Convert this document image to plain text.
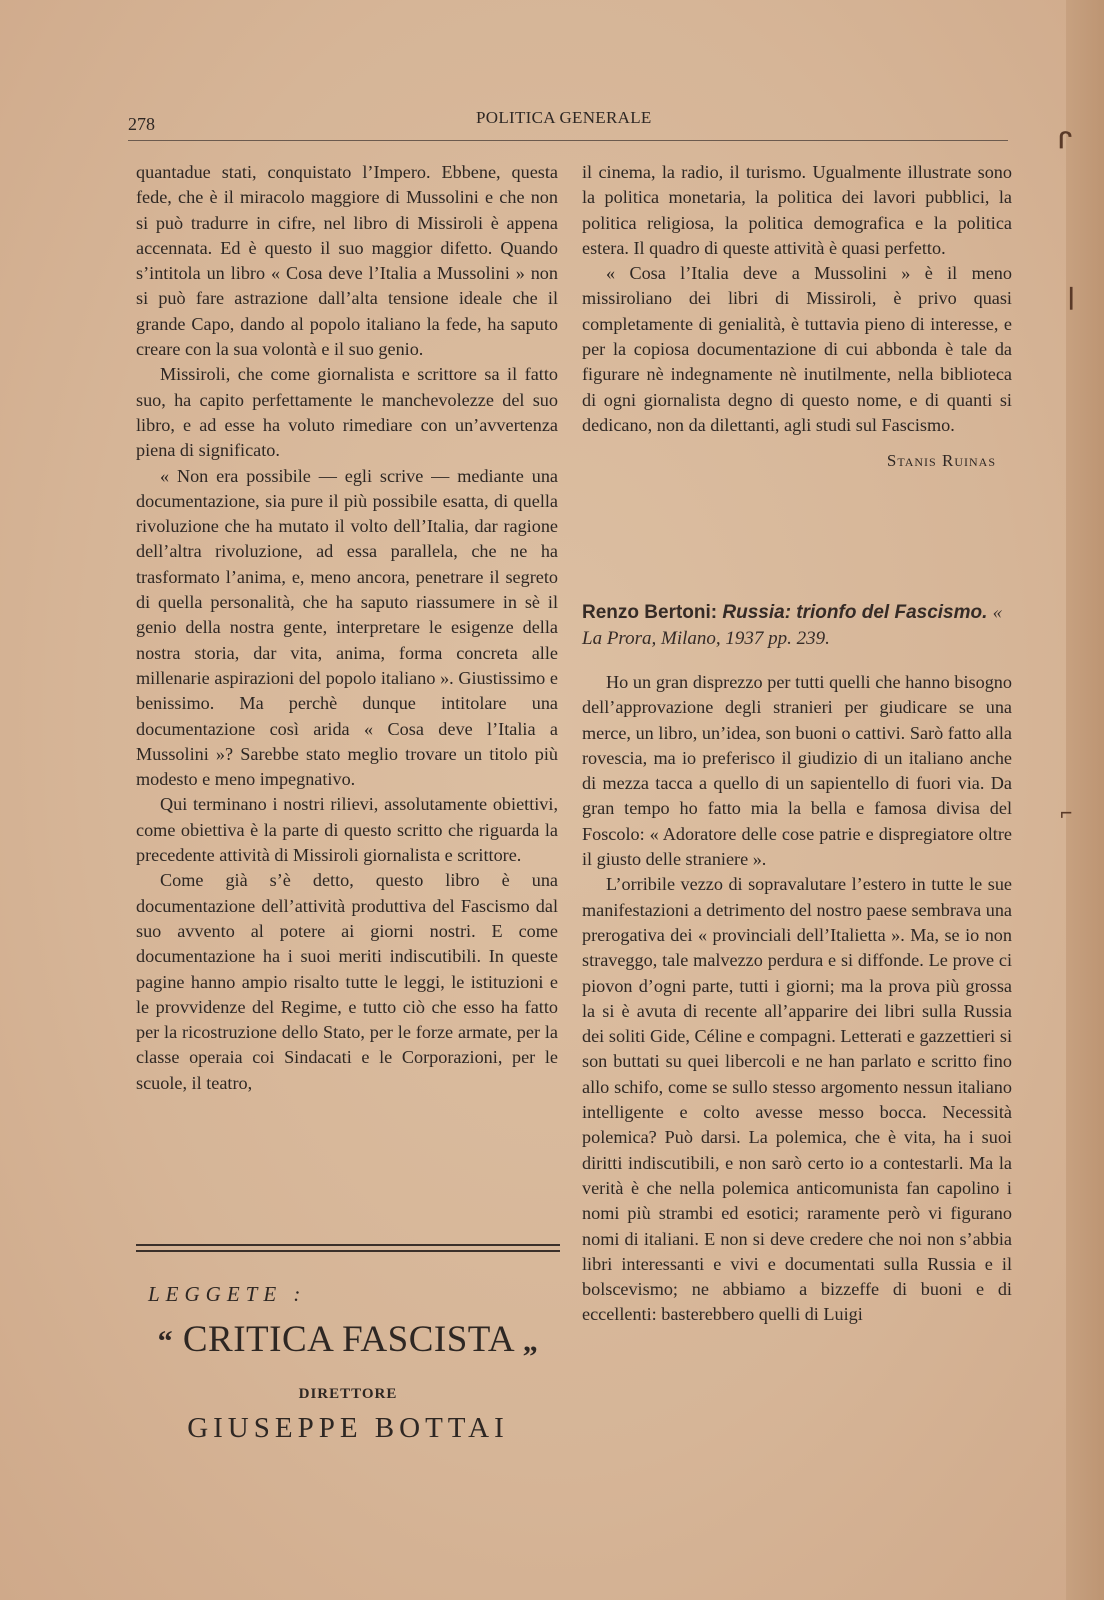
278	POLITICA GENERALE

quantadue stati, conquistato l’Impero. Ebbene, questa fede, che è il miracolo maggiore di Mussolini e che non si può tradurre in cifre, nel libro di Missiroli è appena accennata. Ed è questo il suo maggior difetto. Quando s’intitola un libro « Cosa deve l’Italia a Mussolini » non si può fare astrazione dall’alta tensione ideale che il grande Capo, dando al popolo italiano la fede, ha saputo creare con la sua volontà e il suo genio.

Missiroli, che come giornalista e scrittore sa il fatto suo, ha capito perfettamente le manchevolezze del suo libro, e ad esse ha voluto rimediare con un’avvertenza piena di significato.

« Non era possibile — egli scrive — mediante una documentazione, sia pure il più possibile esatta, di quella rivoluzione che ha mutato il volto dell’Italia, dar ragione dell’altra rivoluzione, ad essa parallela, che ne ha trasformato l’anima, e, meno ancora, penetrare il segreto di quella personalità, che ha saputo riassumere in sè il genio della nostra gente, interpretare le esigenze della nostra storia, dar vita, anima, forma concreta alle millenarie aspirazioni del popolo italiano ». Giustissimo e benissimo. Ma perchè dunque intitolare una documentazione così arida « Cosa deve l’Italia a Mussolini »? Sarebbe stato meglio trovare un titolo più modesto e meno impegnativo.

Qui terminano i nostri rilievi, assolutamente obiettivi, come obiettiva è la parte di questo scritto che riguarda la precedente attività di Missiroli giornalista e scrittore.

Come già s’è detto, questo libro è una documentazione dell’attività produttiva del Fascismo dal suo avvento al potere ai giorni nostri. E come documentazione ha i suoi meriti indiscutibili. In queste pagine hanno ampio risalto tutte le leggi, le istituzioni e le provvidenze del Regime, e tutto ciò che esso ha fatto per la ricostruzione dello Stato, per le forze armate, per la classe operaia coi Sindacati e le Corporazioni, per le scuole, il teatro,

il cinema, la radio, il turismo. Ugualmente illustrate sono la politica monetaria, la politica dei lavori pubblici, la politica religiosa, la politica demografica e la politica estera. Il quadro di queste attività è quasi perfetto.

« Cosa l’Italia deve a Mussolini » è il meno missiroliano dei libri di Missiroli, è privo quasi completamente di genialità, è tuttavia pieno di interesse, e per la copiosa documentazione di cui abbonda è tale da figurare nè indegnamente nè inutilmente, nella biblioteca di ogni giornalista degno di questo nome, e di quanti si dedicano, non da dilettanti, agli studi sul Fascismo.

Stanis Ruinas
Renzo Bertoni: Russia: trionfo del Fascismo. « La Prora, Milano, 1937 pp. 239.

Ho un gran disprezzo per tutti quelli che hanno bisogno dell’approvazione degli stranieri per giudicare se una merce, un libro, un’idea, son buoni o cattivi. Sarò fatto alla rovescia, ma io preferisco il giudizio di un italiano anche di mezza tacca a quello di un sapientello di fuori via. Da gran tempo ho fatto mia la bella e famosa divisa del Foscolo: « Adoratore delle cose patrie e dispregiatore oltre il giusto delle straniere ».

L’orribile vezzo di sopravalutare l’estero in tutte le sue manifestazioni a detrimento del nostro paese sembrava una prerogativa dei « provinciali dell’Italietta ». Ma, se io non straveggo, tale malvezzo perdura e si diffonde. Le prove ci piovon d’ogni parte, tutti i giorni; ma la prova più grossa la si è avuta di recente all’apparire dei libri sulla Russia dei soliti Gide, Céline e compagni. Letterati e gazzettieri si son buttati su quei libercoli e ne han parlato e scritto fino allo schifo, come se sullo stesso argomento nessun italiano intelligente e colto avesse messo bocca. Necessità polemica? Può darsi. La polemica, che è vita, ha i suoi diritti indiscutibili, e non sarò certo io a contestarli. Ma la verità è che nella polemica anticomunista fan capolino i nomi più strambi ed esotici; raramente però vi figurano nomi di italiani. E non si deve credere che noi non s’abbia libri interessanti e vivi e documentati sulla Russia e il bolscevismo; ne abbiamo a bizzeffe di buoni e di eccellenti: basterebbero quelli di Luigi

LEGGETE :
“ CRITICA FASCISTA „
DIRETTORE
GIUSEPPE BOTTAI
ᒋ
❘
⌐
